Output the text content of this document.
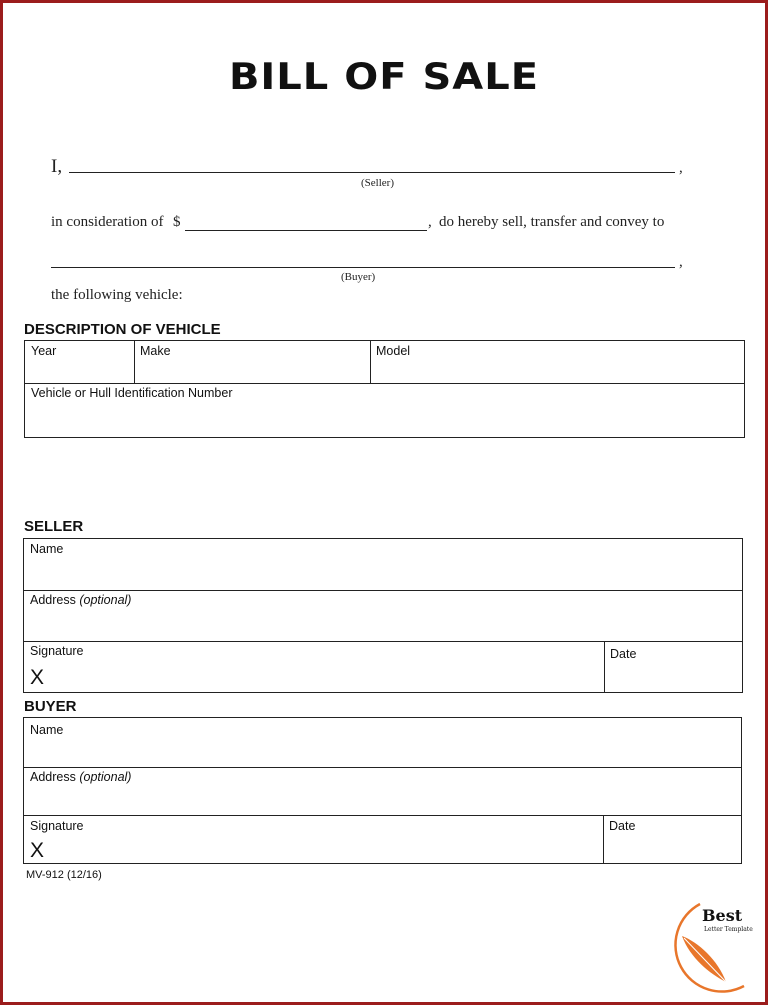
BILL OF SALE
I,	,
(Seller)
in consideration of $	, do hereby sell, transfer and convey to
,
(Buyer)
the following vehicle:
DESCRIPTION OF VEHICLE
Year	Make	Model
Vehicle or Hull Identification Number
SELLER
Name
Address (optional)
Signature
X
Date
BUYER
Name
Address (optional)
Signature
X
Date
MV-912 (12/16)
Best
Letter Template
